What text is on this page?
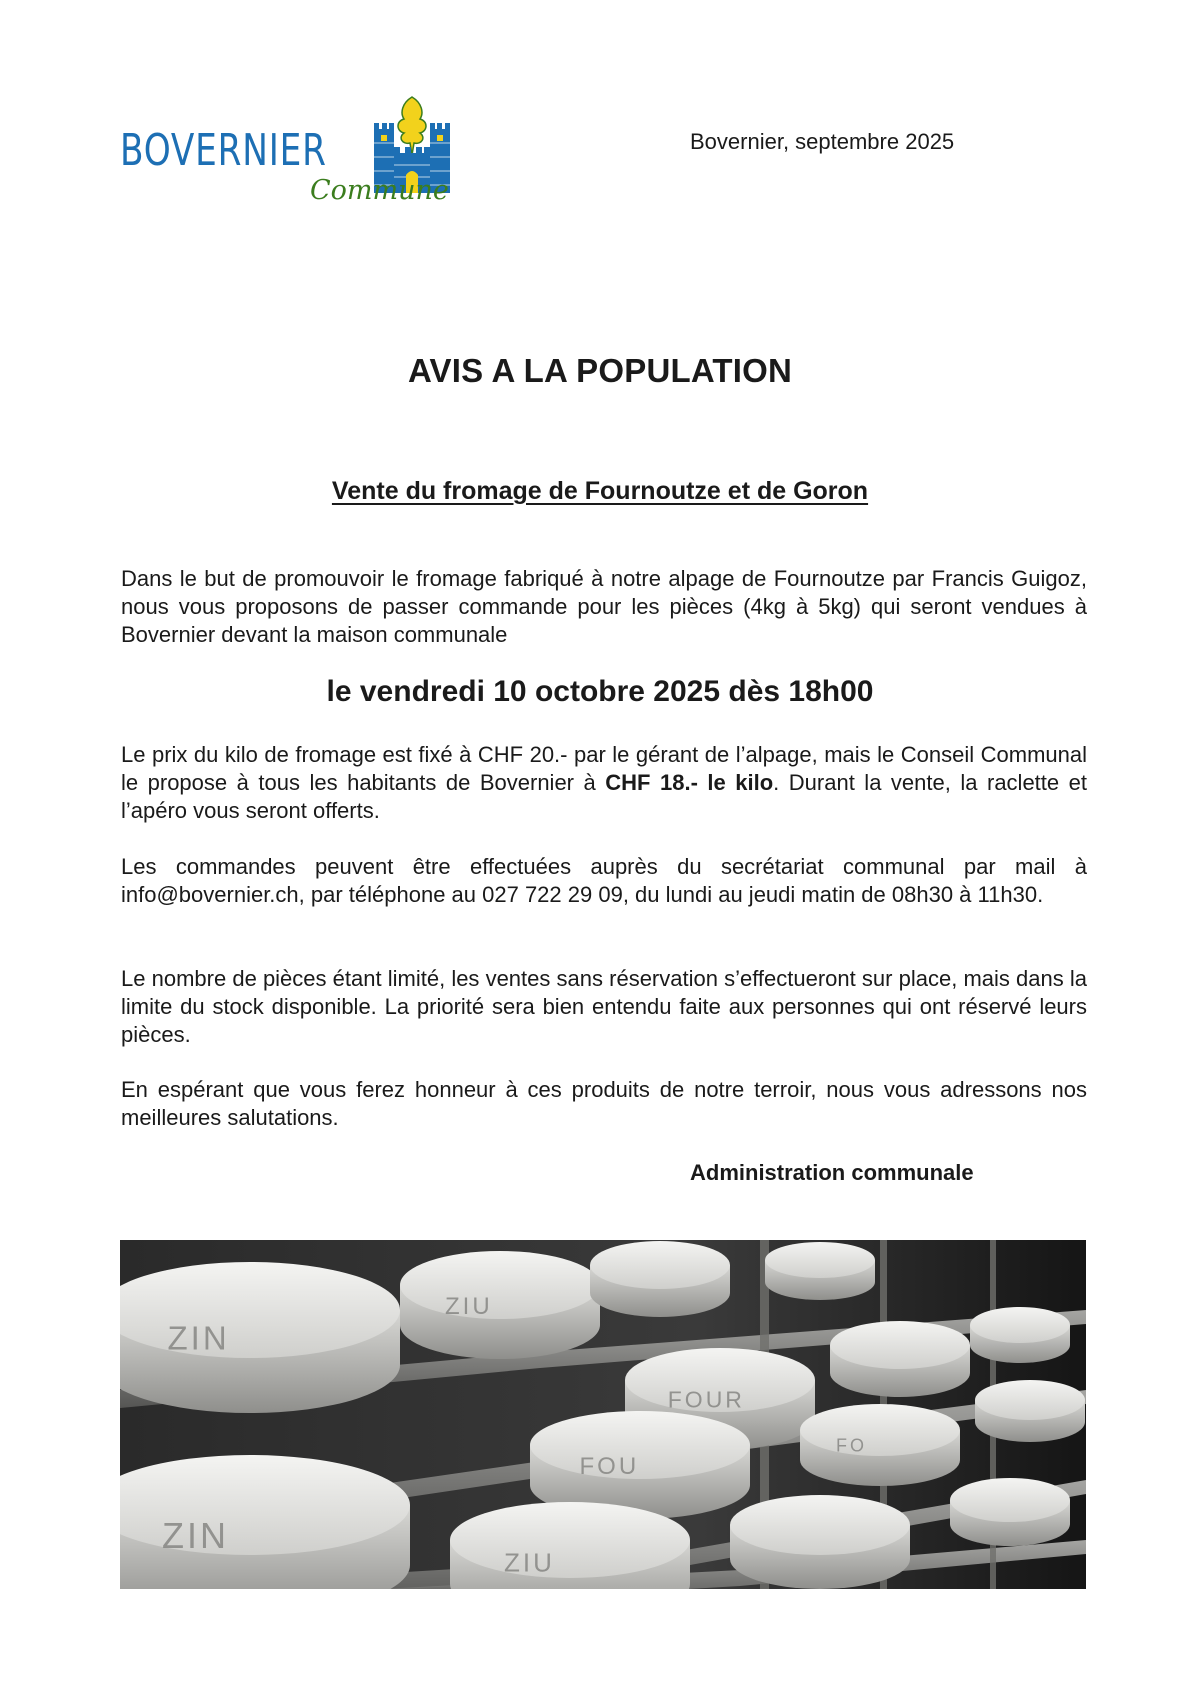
BOVERNIER
Commune
Bovernier, septembre 2025
AVIS A LA POPULATION
Vente du fromage de Fournoutze et de Goron
Dans le but de promouvoir le fromage fabriqué à notre alpage de Fournoutze par Francis Guigoz, nous vous proposons de passer commande pour les pièces (4kg à 5kg) qui seront vendues à Bovernier devant la maison communale
le vendredi 10 octobre 2025 dès 18h00
Le prix du kilo de fromage est fixé à CHF 20.- par le gérant de l’alpage, mais le Conseil Communal le propose à tous les habitants de Bovernier à CHF 18.- le kilo. Durant la vente, la raclette et l’apéro vous seront offerts.
Les commandes peuvent être effectuées auprès du secrétariat communal par mail à info@bovernier.ch, par téléphone au 027 722 29 09, du lundi au jeudi matin de 08h30 à 11h30.
Le nombre de pièces étant limité, les ventes sans réservation s’effectueront sur place, mais dans la limite du stock disponible. La priorité sera bien entendu faite aux personnes qui ont réservé leurs pièces.
En espérant que vous ferez honneur à ces produits de notre terroir, nous vous adressons nos meilleures salutations.
Administration communale
ZIN
ZIU
FOUR
FOU
FO
ZIN
ZIU
